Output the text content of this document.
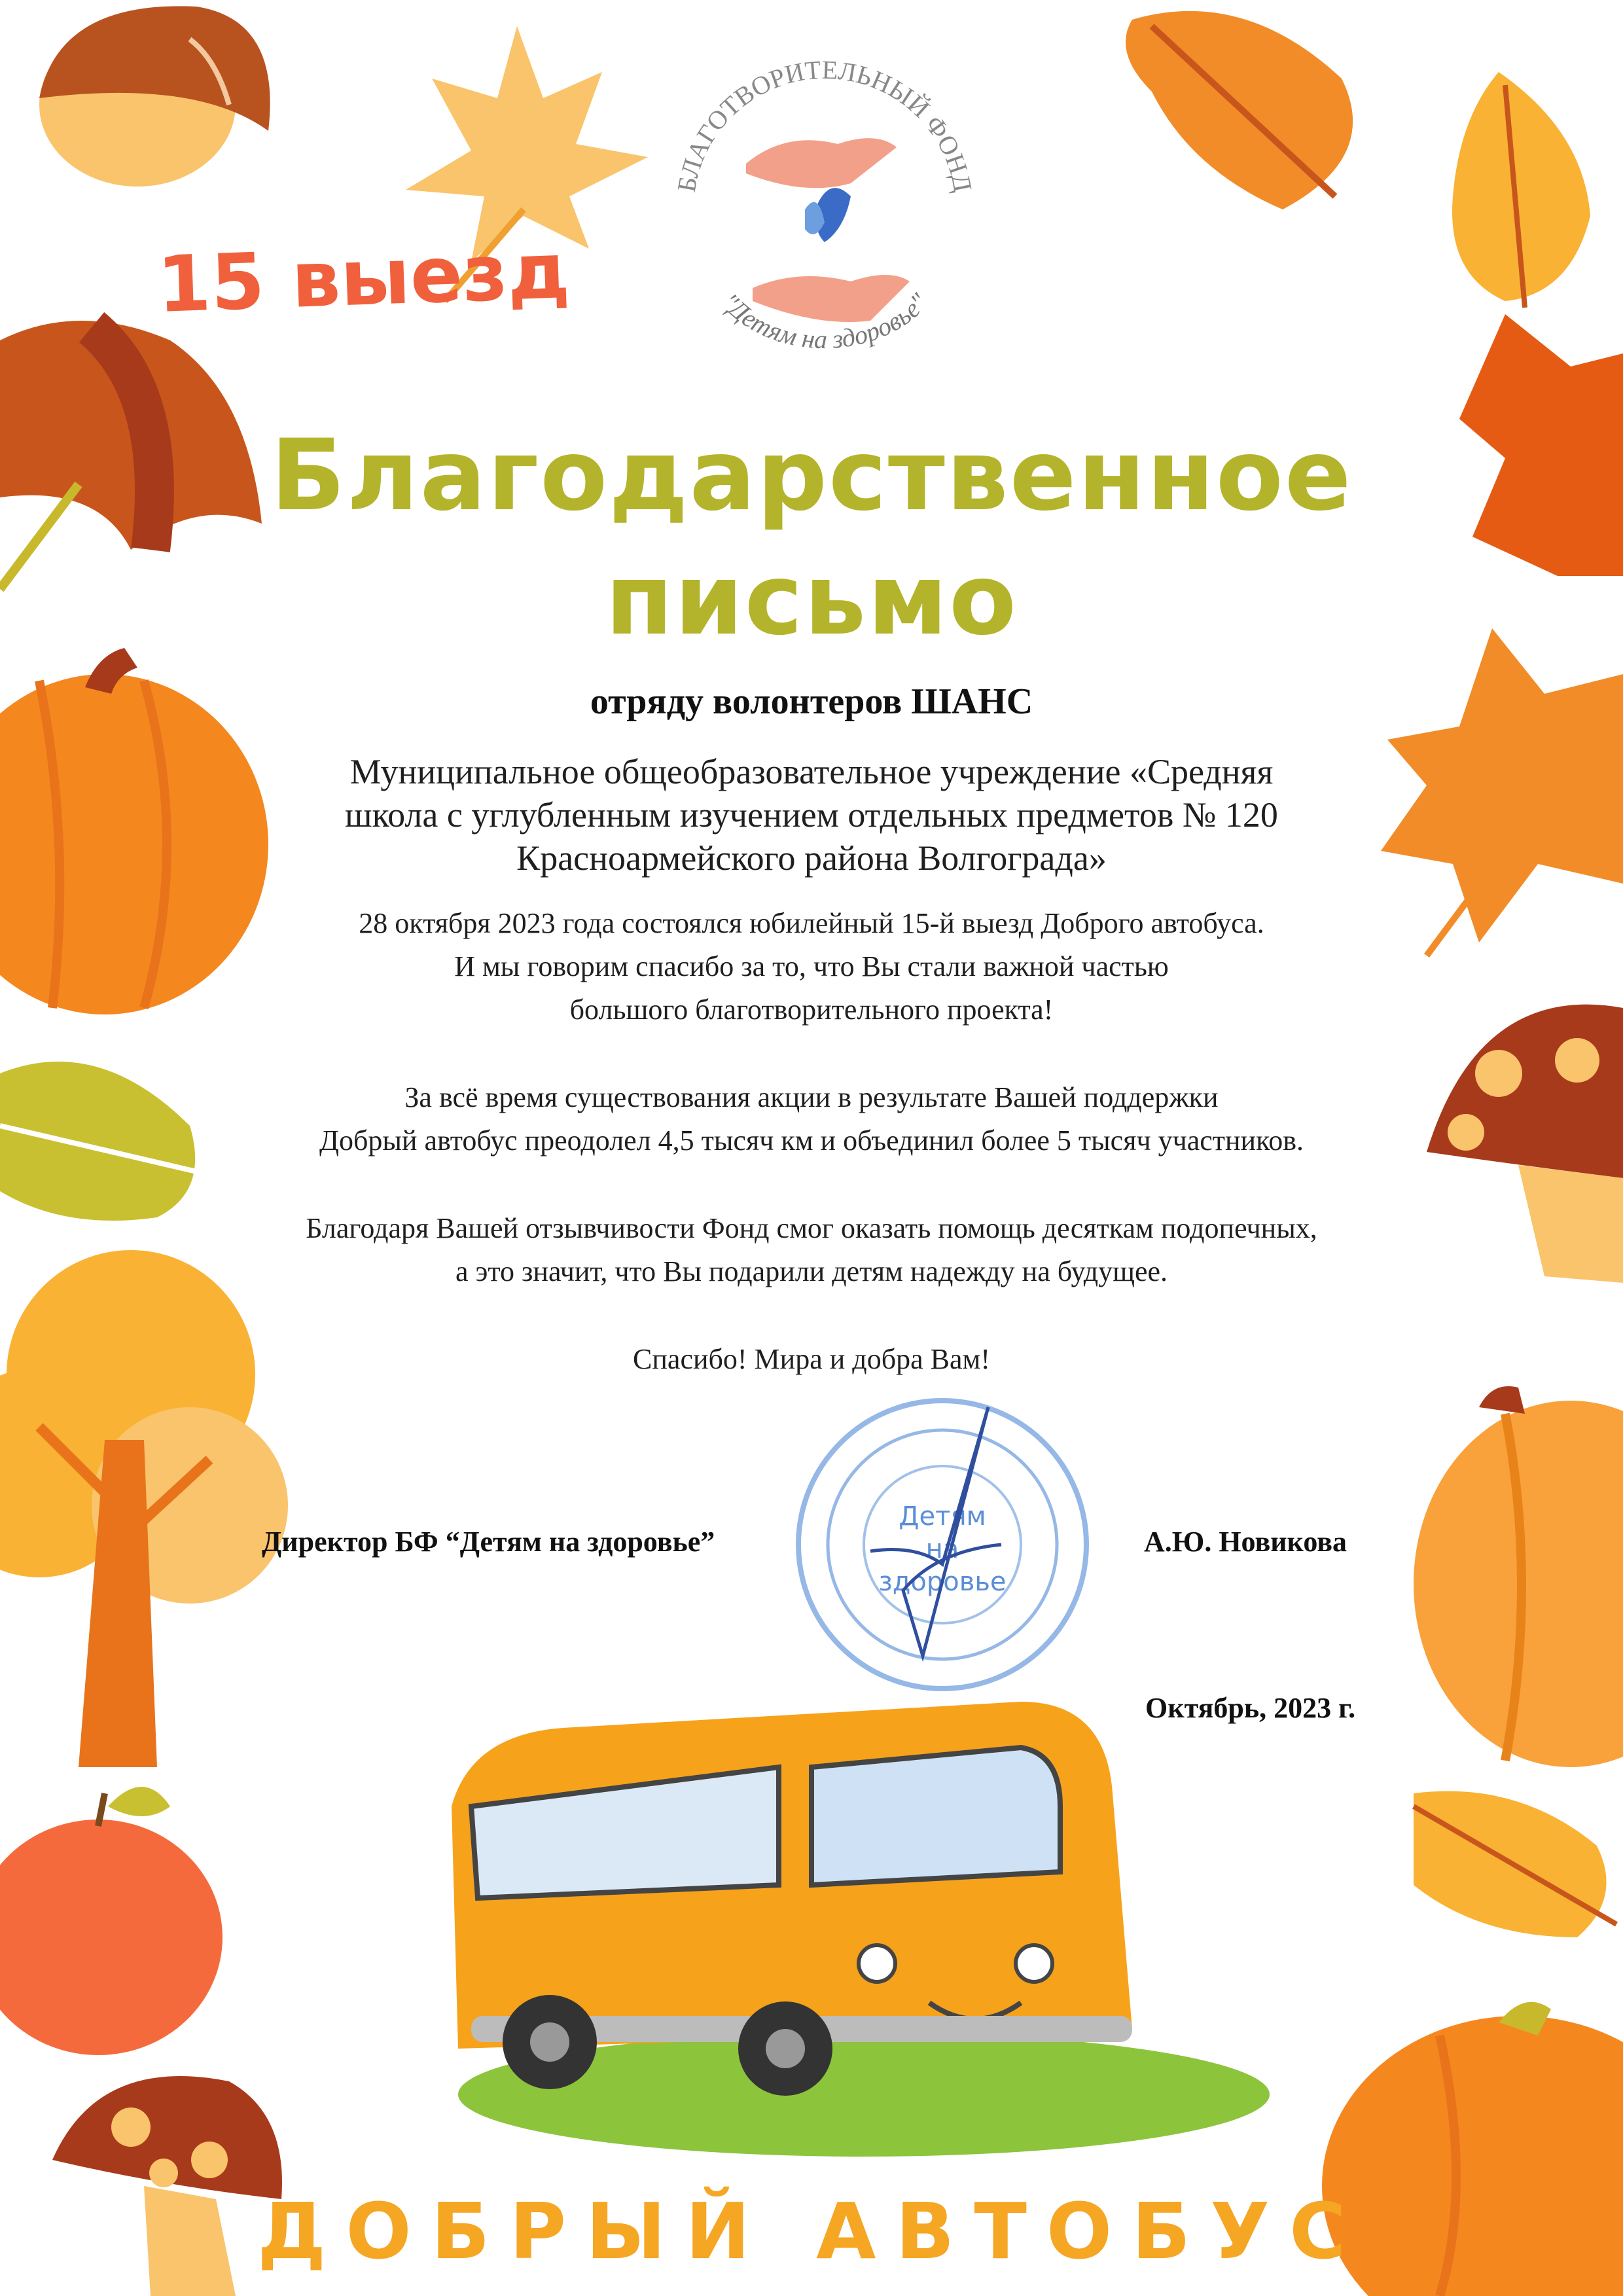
15 выезд
БЛАГОТВОРИТЕЛЬНЫЙ ФОНД
"Детям на здоровье"
Благодарственное
письмо
отряду волонтеров ШАНС
Муниципальное общеобразовательное учреждение «Средняя
школа с углубленным изучением отдельных предметов № 120
Красноармейского района Волгограда»
28 октября 2023 года состоялся юбилейный 15-й выезд Доброго автобуса.
И мы говорим спасибо за то, что Вы стали важной частью
большого благотворительного проекта!
За всё время существования акции в результате Вашей поддержки
Добрый автобус преодолел 4,5 тысяч км и объединил более 5 тысяч участников.
Благодаря Вашей отзывчивости Фонд смог оказать помощь десяткам подопечных,
а это значит, что Вы подарили детям надежду на будущее.
Спасибо! Мира и добра Вам!
Детям
на
здоровье
Директор БФ “Детям на здоровье”	А.Ю. Новикова
Октябрь, 2023 г.
ДОБРЫЙ АВТОБУС
